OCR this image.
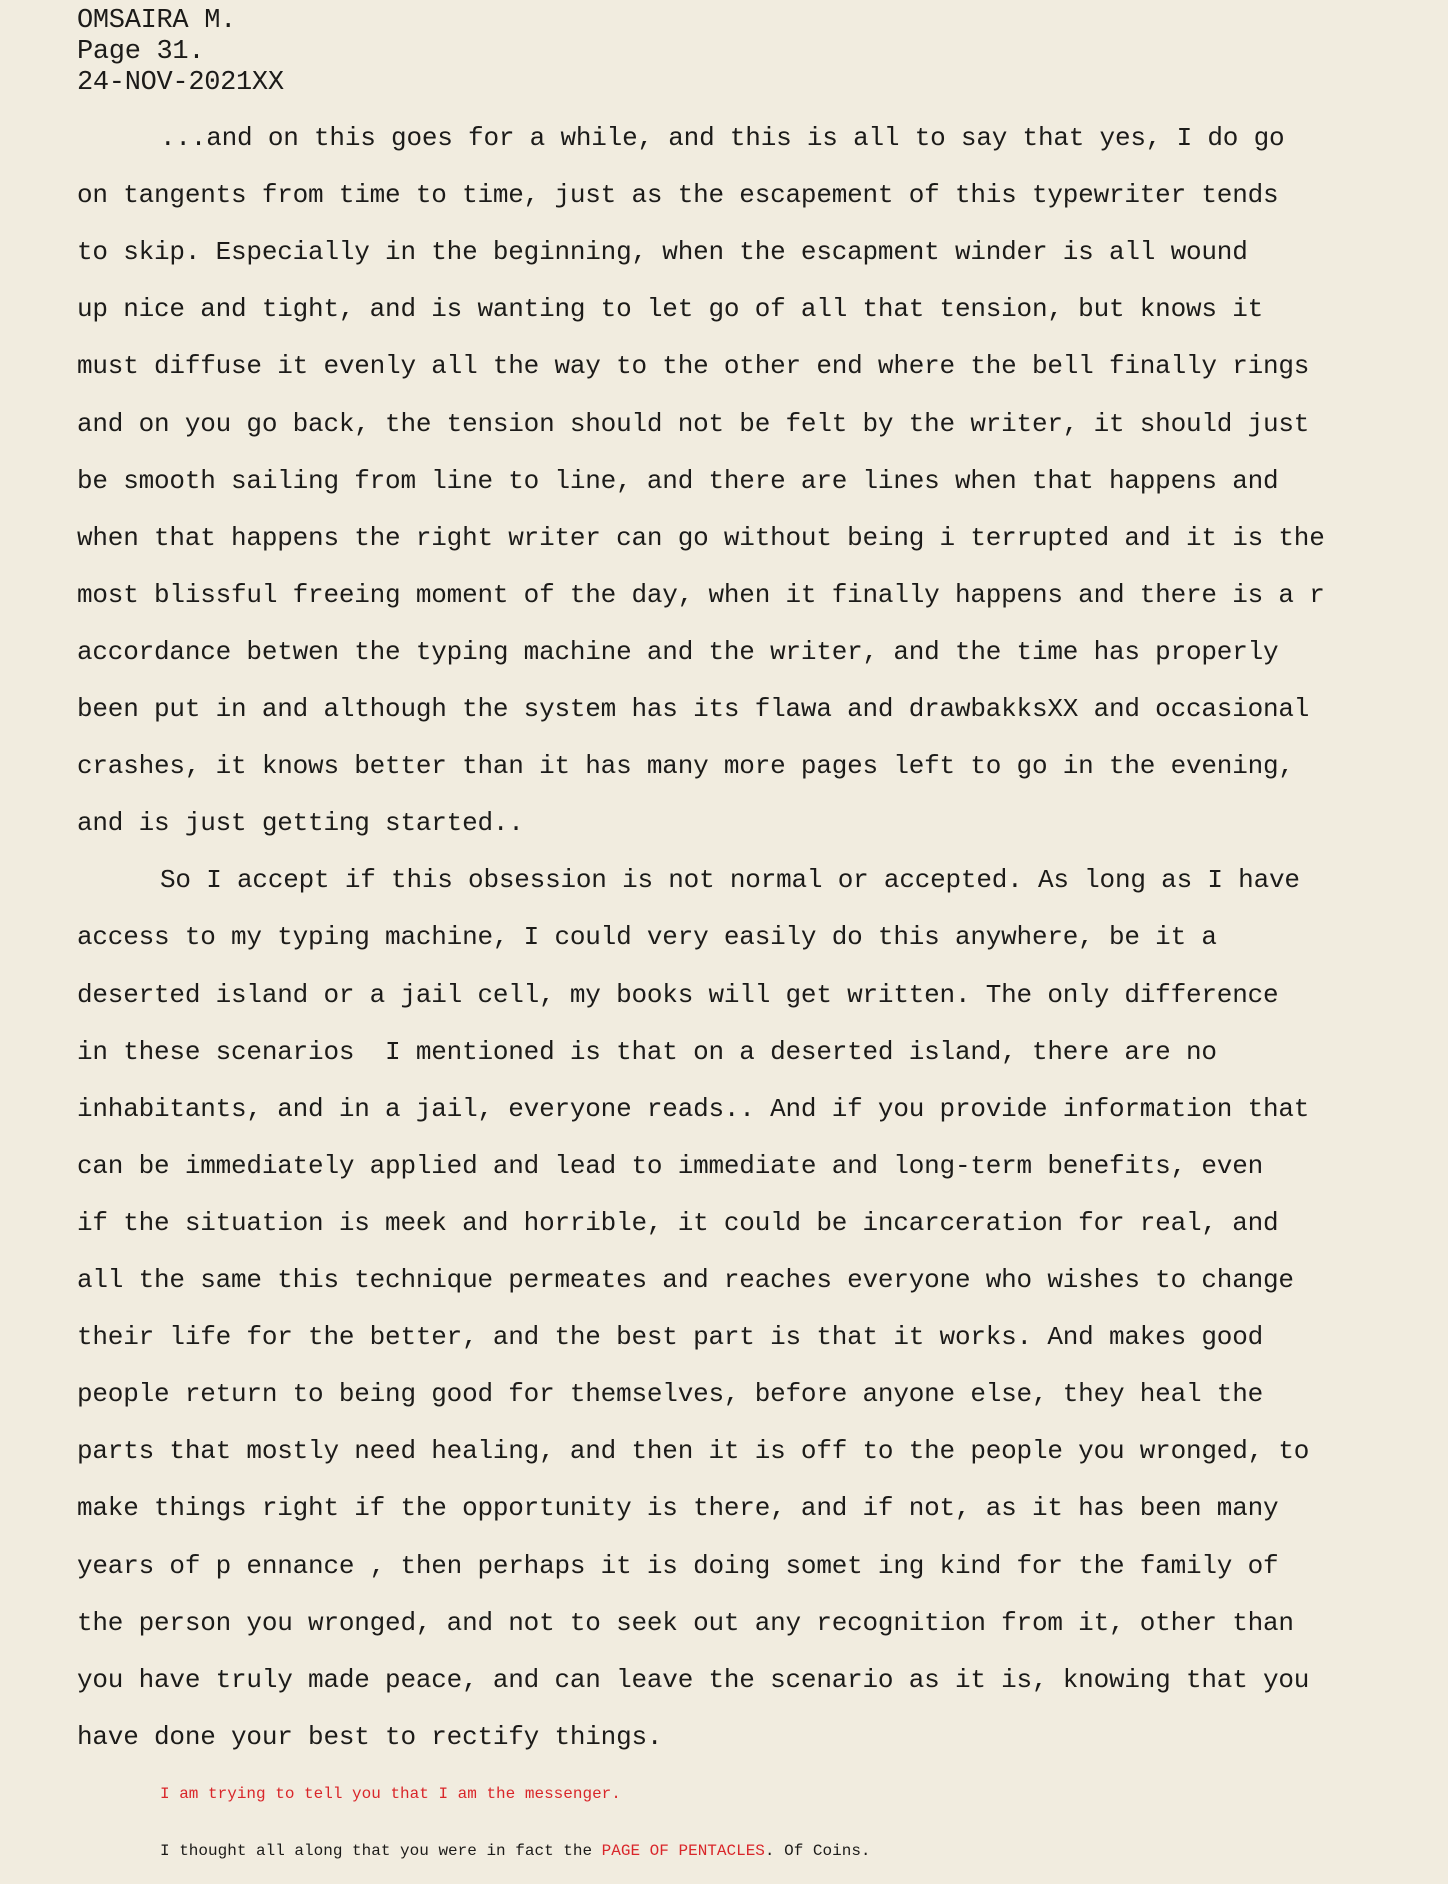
OMSAIRA M.
Page 31.
24-NOV-2021XX
...and on this goes for a while, and this is all to say that yes, I do go
on tangents from time to time, just as the escapement of this typewriter tends
to skip. Especially in the beginning, when the escapment winder is all wound
up nice and tight, and is wanting to let go of all that tension, but knows it
must diffuse it evenly all the way to the other end where the bell finally rings
and on you go back, the tension should not be felt by the writer, it should just
be smooth sailing from line to line, and there are lines when that happens and
when that happens the right writer can go without being i terrupted and it is the
most blissful freeing moment of the day, when it finally happens and there is a r
accordance betwen the typing machine and the writer, and the time has properly
been put in and although the system has its flawa and drawbakksXX and occasional
crashes, it knows better than it has many more pages left to go in the evening,
and is just getting started..
So I accept if this obsession is not normal or accepted. As long as I have
access to my typing machine, I could very easily do this anywhere, be it a
deserted island or a jail cell, my books will get written. The only difference
in these scenarios  I mentioned is that on a deserted island, there are no
inhabitants, and in a jail, everyone reads.. And if you provide information that
can be immediately applied and lead to immediate and long-term benefits, even
if the situation is meek and horrible, it could be incarceration for real, and
all the same this technique permeates and reaches everyone who wishes to change
their life for the better, and the best part is that it works. And makes good
people return to being good for themselves, before anyone else, they heal the
parts that mostly need healing, and then it is off to the people you wronged, to
make things right if the opportunity is there, and if not, as it has been many
years of p ennance , then perhaps it is doing somet ing kind for the family of
the person you wronged, and not to seek out any recognition from it, other than
you have truly made peace, and can leave the scenario as it is, knowing that you
have done your best to rectify things.
I am trying to tell you that I am the messenger.
I thought all along that you were in fact the PAGE OF PENTACLES. Of Coins.
